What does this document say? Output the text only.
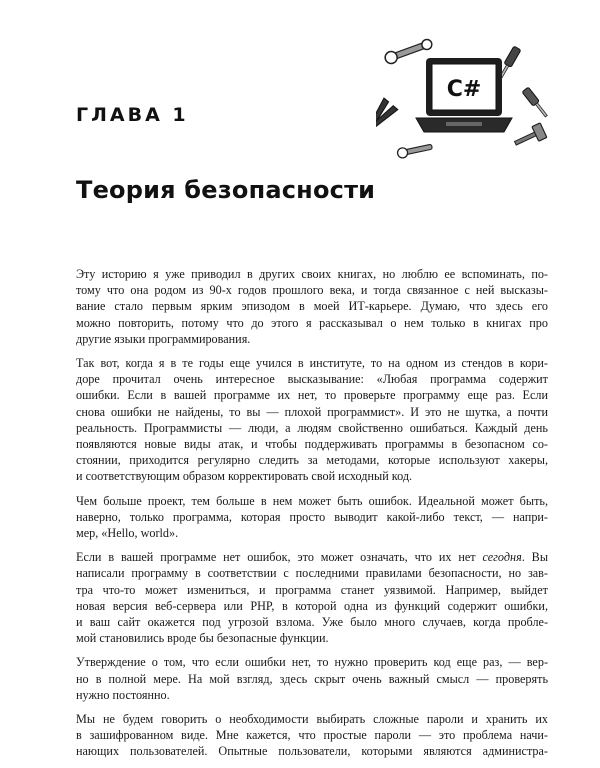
ГЛАВА 1
C#
Теория безопасности
Эту историю я уже приводил в других своих книгах, но люблю ее вспоминать, по-
тому что она родом из 90-х годов прошлого века, и тогда связанное с ней высказы-
вание стало первым ярким эпизодом в моей ИТ-карьере. Думаю, что здесь его
можно повторить, потому что до этого я рассказывал о нем только в книгах про
другие языки программирования.
Так вот, когда я в те годы еще учился в институте, то на одном из стендов в кори-
доре прочитал очень интересное высказывание: «Любая программа содержит
ошибки. Если в вашей программе их нет, то проверьте программу еще раз. Если
снова ошибки не найдены, то вы — плохой программист». И это не шутка, а почти
реальность. Программисты — люди, а людям свойственно ошибаться. Каждый день
появляются новые виды атак, и чтобы поддерживать программы в безопасном со-
стоянии, приходится регулярно следить за методами, которые используют хакеры,
и соответствующим образом корректировать свой исходный код.
Чем больше проект, тем больше в нем может быть ошибок. Идеальной может быть,
наверно, только программа, которая просто выводит какой-либо текст, — напри-
мер, «Hello, world».
Если в вашей программе нет ошибок, это может означать, что их нет сегодня. Вы
написали программу в соответствии с последними правилами безопасности, но зав-
тра что-то может измениться, и программа станет уязвимой. Например, выйдет
новая версия веб-сервера или PHP, в которой одна из функций содержит ошибки,
и ваш сайт окажется под угрозой взлома. Уже было много случаев, когда пробле-
мой становились вроде бы безопасные функции.
Утверждение о том, что если ошибки нет, то нужно проверить код еще раз, — вер-
но в полной мере. На мой взгляд, здесь скрыт очень важный смысл — проверять
нужно постоянно.
Мы не будем говорить о необходимости выбирать сложные пароли и хранить их
в зашифрованном виде. Мне кажется, что простые пароли — это проблема начи-
нающих пользователей. Опытные пользователи, которыми являются администра-
